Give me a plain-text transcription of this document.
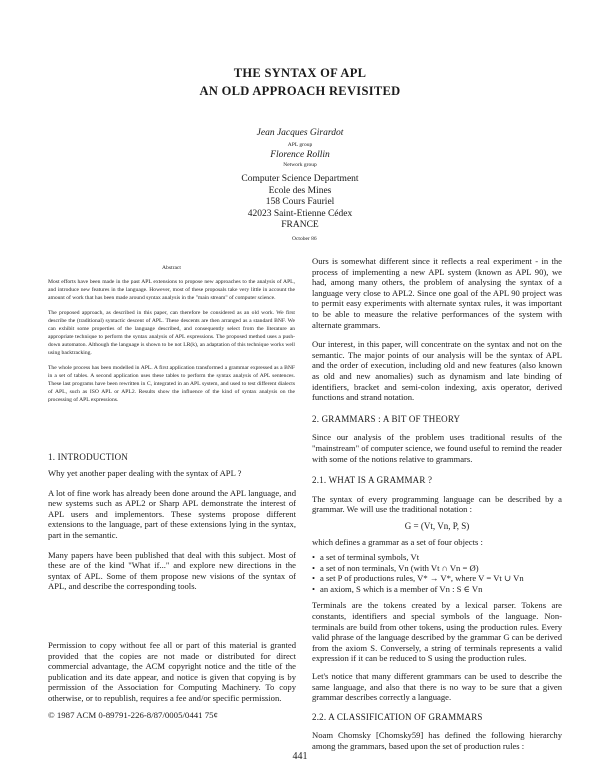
THE SYNTAX OF APL
AN OLD APPROACH REVISITED
Jean Jacques Girardot
APL group
Florence Rollin
Network group
Computer Science Department
Ecole des Mines
158 Cours Fauriel
42023 Saint-Etienne Cédex
FRANCE
October 86
Abstract

Most efforts have been made in the past APL extensions to propose new approaches to the analysis of APL, and introduce new features in the language. However, most of these proposals take very little in account the amount of work that has been made around syntax analysis in the "main stream" of computer science.

The proposed approach, as described in this paper, can therefore be considered as an old work. We first describe the (traditional) syntactic descent of APL. These descents are then arranged as a standard BNF. We can exhibit some properties of the language described, and consequently select from the literature an appropriate technique to perform the syntax analysis of APL expressions. The proposed method uses a push-down automaton. Although the language is shown to be not LR(k), an adaptation of this technique works well using backtracking.

The whole process has been modelled in APL. A first application transformed a grammar expressed as a BNF in a set of tables. A second application uses these tables to perform the syntax analysis of APL sentences. These last programs have been rewritten in C, integrated in an APL system, and used to test different dialects of APL, such as ISO APL or APL2. Results show the influence of the kind of syntax analysis on the processing of APL expressions.

1. INTRODUCTION

Why yet another paper dealing with the syntax of APL ?

A lot of fine work has already been done around the APL language, and new systems such as APL2 or Sharp APL demonstrate the interest of APL users and implementors. These systems propose different extensions to the language, part of these extensions lying in the syntax, part in the semantic.

Many papers have been published that deal with this subject. Most of these are of the kind "What if..." and explore new directions in the syntax of APL. Some of them propose new visions of the syntax of APL, and describe the corresponding tools.

Permission to copy without fee all or part of this material is granted provided that the copies are not made or distributed for direct commercial advantage, the ACM copyright notice and the title of the publication and its date appear, and notice is given that copying is by permission of the Association for Computing Machinery. To copy otherwise, or to republish, requires a fee and/or specific permission.
© 1987 ACM 0-89791-226-8/87/0005/0441 75¢

Ours is somewhat different since it reflects a real experiment - in the process of implementing a new APL system (known as APL 90), we had, among many others, the problem of analysing the syntax of a language very close to APL2. Since one goal of the APL 90 project was to permit easy experiments with alternate syntax rules, it was important to be able to measure the relative performances of the system with alternate grammars.

Our interest, in this paper, will concentrate on the syntax and not on the semantic. The major points of our analysis will be the syntax of APL and the order of execution, including old and new features (also known as old and new anomalies) such as dynamism and late binding of identifiers, bracket and semi-colon indexing, axis operator, derived functions and strand notation.

2. GRAMMARS : A BIT OF THEORY

Since our analysis of the problem uses traditional results of the "mainstream" of computer science, we found useful to remind the reader with some of the notions relative to grammars.

2.1. WHAT IS A GRAMMAR ?

The syntax of every programming language can be described by a grammar. We will use the traditional notation :

G = (Vt, Vn, P, S)

which defines a grammar as a set of four objects :

• a set of terminal symbols, Vt
• a set of non terminals, Vn (with Vt ∩ Vn = Ø)
• a set P of productions rules, V* → V*, where V = Vt ∪ Vn
• an axiom, S which is a member of Vn : S ∈ Vn

Terminals are the tokens created by a lexical parser. Tokens are constants, identifiers and special symbols of the language. Non-terminals are build from other tokens, using the production rules. Every valid phrase of the language described by the grammar G can be derived from the axiom S. Conversely, a string of terminals represents a valid expression if it can be reduced to S using the production rules.

Let's notice that many different grammars can be used to describe the same language, and also that there is no way to be sure that a given grammar describes correctly a language.

2.2. A CLASSIFICATION OF GRAMMARS

Noam Chomsky [Chomsky59] has defined the following hierarchy among the grammars, based upon the set of production rules :

441
